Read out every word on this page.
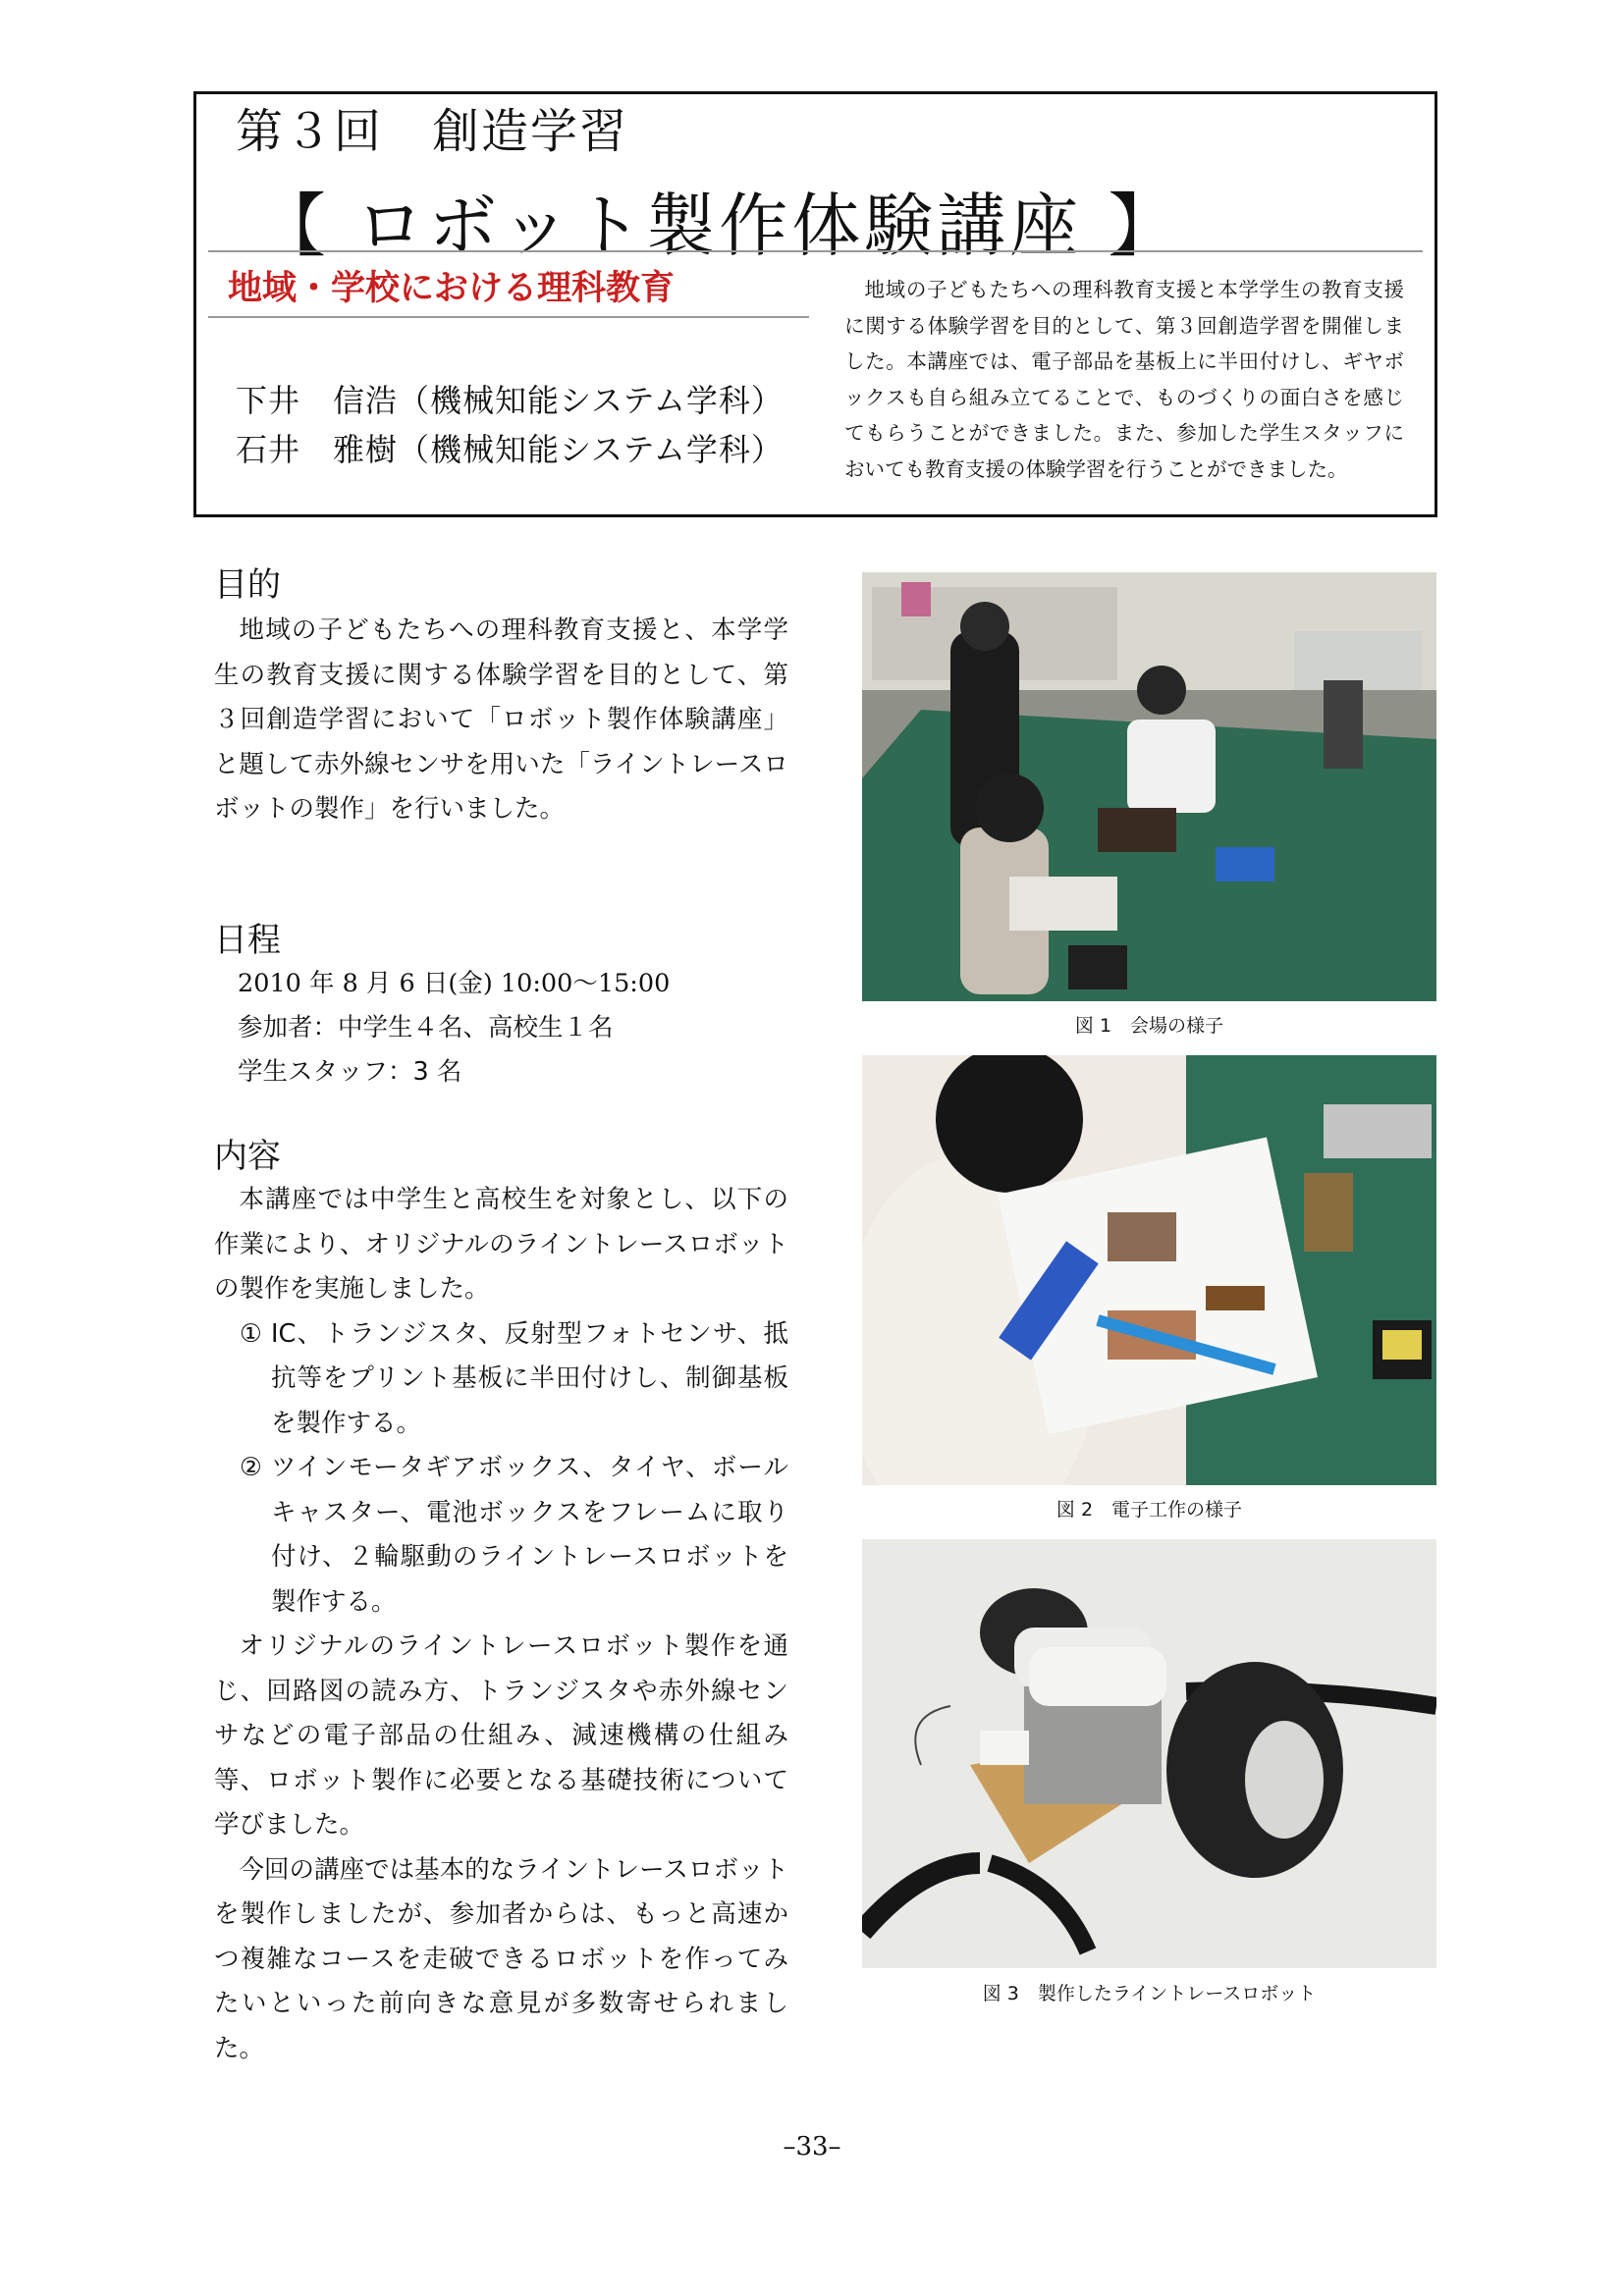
第３回　創造学習
【 ロボット製作体験講座 】
地域・学校における理科教育
下井　信浩（機械知能システム学科）
石井　雅樹（機械知能システム学科）
地域の子どもたちへの理科教育支援と本学学生の教育支援に関する体験学習を目的として、第３回創造学習を開催しました。本講座では、電子部品を基板上に半田付けし、ギヤボックスも自ら組み立てることで、ものづくりの面白さを感じてもらうことができました。また、参加した学生スタッフにおいても教育支援の体験学習を行うことができました。
目的
地域の子どもたちへの理科教育支援と、本学学生の教育支援に関する体験学習を目的として、第３回創造学習において「ロボット製作体験講座」と題して赤外線センサを用いた「ライントレースロボットの製作」を行いました。
日程
2010 年 8 月 6 日(金) 10:00～15:00
参加者：中学生４名、高校生１名
学生スタッフ：3 名
内容
本講座では中学生と高校生を対象とし、以下の作業により、オリジナルのライントレースロボットの製作を実施しました。
① IC、トランジスタ、反射型フォトセンサ、抵抗等をプリント基板に半田付けし、制御基板を製作する。
② ツインモータギアボックス、タイヤ、ボールキャスター、電池ボックスをフレームに取り付け、２輪駆動のライントレースロボットを製作する。
オリジナルのライントレースロボット製作を通じ、回路図の読み方、トランジスタや赤外線センサなどの電子部品の仕組み、減速機構の仕組み等、ロボット製作に必要となる基礎技術について学びました。
今回の講座では基本的なライントレースロボットを製作しましたが、参加者からは、もっと高速かつ複雑なコースを走破できるロボットを作ってみたいといった前向きな意見が多数寄せられました。
図 1　会場の様子
図 2　電子工作の様子
図 3　製作したライントレースロボット
–33–
